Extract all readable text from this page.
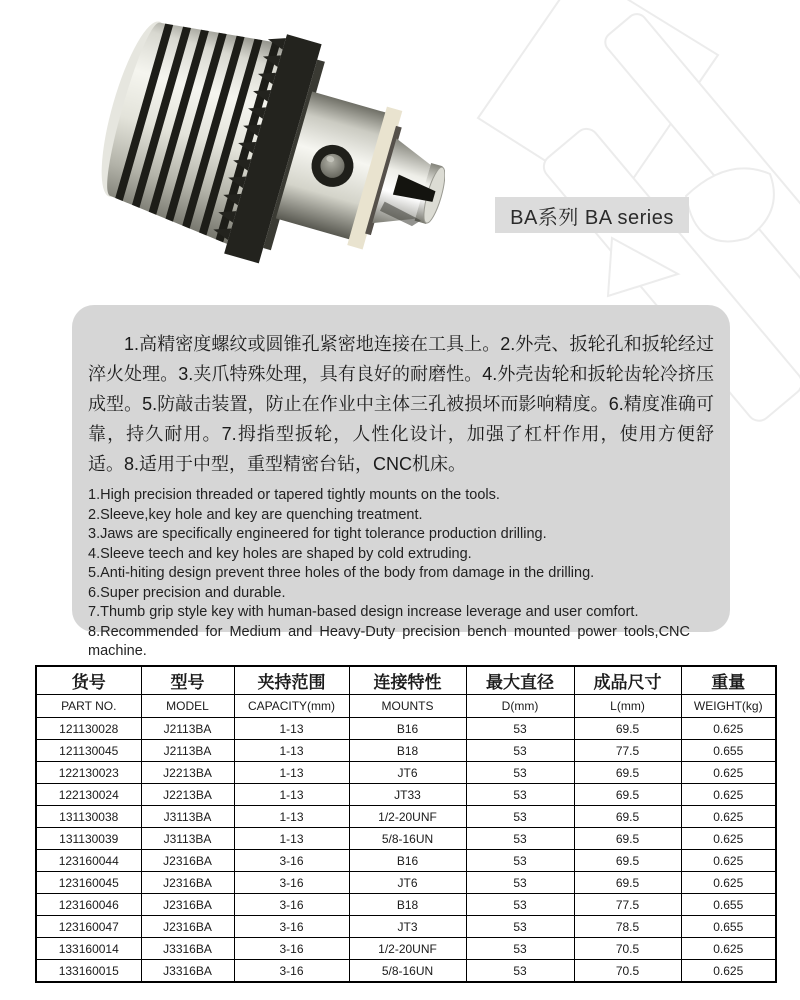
BA系列 BA series
1.高精密度螺纹或圆锥孔紧密地连接在工具上。2.外壳、扳轮孔和扳轮经过淬火处理。3.夹爪特殊处理，具有良好的耐磨性。4.外壳齿轮和扳轮齿轮冷挤压成型。5.防敲击装置，防止在作业中主体三孔被损坏而影响精度。6.精度准确可靠，持久耐用。7.拇指型扳轮，人性化设计，加强了杠杆作用，使用方便舒适。8.适用于中型，重型精密台钻，CNC机床。
1.High precision threaded or tapered tightly mounts on the tools.
2.Sleeve,key hole and key are quenching treatment.
3.Jaws are specifically engineered for tight tolerance production drilling.
4.Sleeve teech and key holes are shaped by cold extruding.
5.Anti-hiting design prevent three holes of the body from damage in the drilling.
6.Super precision and durable.
7.Thumb grip style key with human-based design increase leverage and user comfort.
8.Recommended for Medium and Heavy-Duty precision bench mounted power tools,CNC machine.
货号	型号	夹持范围	连接特性	最大直径	成品尺寸	重量
PART NO.	MODEL	CAPACITY(mm)	MOUNTS	D(mm)	L(mm)	WEIGHT(kg)
121130028	J2113BA	1-13	B16	53	69.5	0.625
121130045	J2113BA	1-13	B18	53	77.5	0.655
122130023	J2213BA	1-13	JT6	53	69.5	0.625
122130024	J2213BA	1-13	JT33	53	69.5	0.625
131130038	J3113BA	1-13	1/2-20UNF	53	69.5	0.625
131130039	J3113BA	1-13	5/8-16UN	53	69.5	0.625
123160044	J2316BA	3-16	B16	53	69.5	0.625
123160045	J2316BA	3-16	JT6	53	69.5	0.625
123160046	J2316BA	3-16	B18	53	77.5	0.655
123160047	J2316BA	3-16	JT3	53	78.5	0.655
133160014	J3316BA	3-16	1/2-20UNF	53	70.5	0.625
133160015	J3316BA	3-16	5/8-16UN	53	70.5	0.625
